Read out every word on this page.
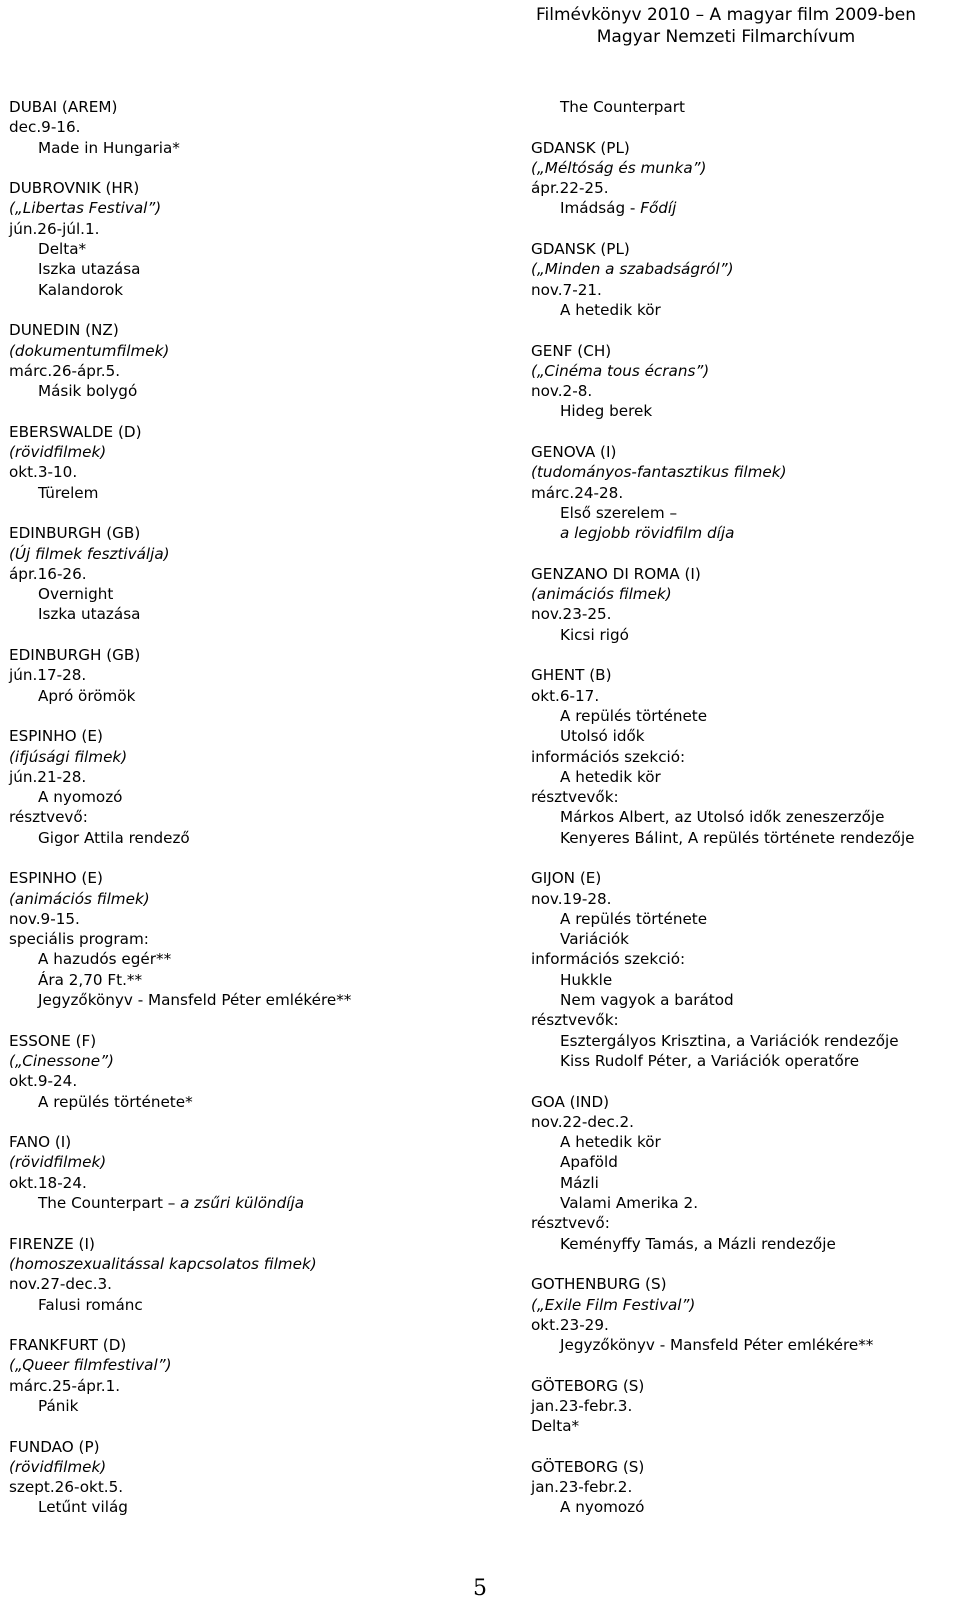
Filmévkönyv 2010 – A magyar film 2009-ben
Magyar Nemzeti Filmarchívum
DUBAI (AREM)
dec.9-16.
Made in Hungaria*
DUBROVNIK (HR)
(„Libertas Festival”)
jún.26-júl.1.
Delta*
Iszka utazása
Kalandorok
DUNEDIN (NZ)
(dokumentumfilmek)
márc.26-ápr.5.
Másik bolygó
EBERSWALDE (D)
(rövidfilmek)
okt.3-10.
Türelem
EDINBURGH (GB)
(Új filmek fesztiválja)
ápr.16-26.
Overnight
Iszka utazása
EDINBURGH (GB)
jún.17-28.
Apró örömök
ESPINHO (E)
(ifjúsági filmek)
jún.21-28.
A nyomozó
résztvevő:
Gigor Attila rendező
ESPINHO (E)
(animációs filmek)
nov.9-15.
speciális program:
A hazudós egér**
Ára 2,70 Ft.**
Jegyzőkönyv - Mansfeld Péter emlékére**
ESSONE (F)
(„Cinessone”)
okt.9-24.
A repülés története*
FANO (I)
(rövidfilmek)
okt.18-24.
The Counterpart – a zsűri különdíja
FIRENZE (I)
(homoszexualitással kapcsolatos filmek)
nov.27-dec.3.
Falusi románc
FRANKFURT (D)
(„Queer filmfestival”)
márc.25-ápr.1.
Pánik
FUNDAO (P)
(rövidfilmek)
szept.26-okt.5.
Letűnt világ
The Counterpart
GDANSK (PL)
(„Méltóság és munka”)
ápr.22-25.
Imádság - Fődíj
GDANSK (PL)
(„Minden a szabadságról”)
nov.7-21.
A hetedik kör
GENF (CH)
(„Cinéma tous écrans”)
nov.2-8.
Hideg berek
GENOVA (I)
(tudományos-fantasztikus filmek)
márc.24-28.
Első szerelem –
a legjobb rövidfilm díja
GENZANO DI ROMA (I)
(animációs filmek)
nov.23-25.
Kicsi rigó
GHENT (B)
okt.6-17.
A repülés története
Utolsó idők
információs szekció:
A hetedik kör
résztvevők:
Márkos Albert, az Utolsó idők zeneszerzője
Kenyeres Bálint, A repülés története rendezője
GIJON (E)
nov.19-28.
A repülés története
Variációk
információs szekció:
Hukkle
Nem vagyok a barátod
résztvevők:
Esztergályos Krisztina, a Variációk rendezője
Kiss Rudolf Péter, a Variációk operatőre
GOA (IND)
nov.22-dec.2.
A hetedik kör
Apaföld
Mázli
Valami Amerika 2.
résztvevő:
Keményffy Tamás, a Mázli rendezője
GOTHENBURG (S)
(„Exile Film Festival”)
okt.23-29.
Jegyzőkönyv - Mansfeld Péter emlékére**
GÖTEBORG (S)
jan.23-febr.3.
Delta*
GÖTEBORG (S)
jan.23-febr.2.
A nyomozó
5
